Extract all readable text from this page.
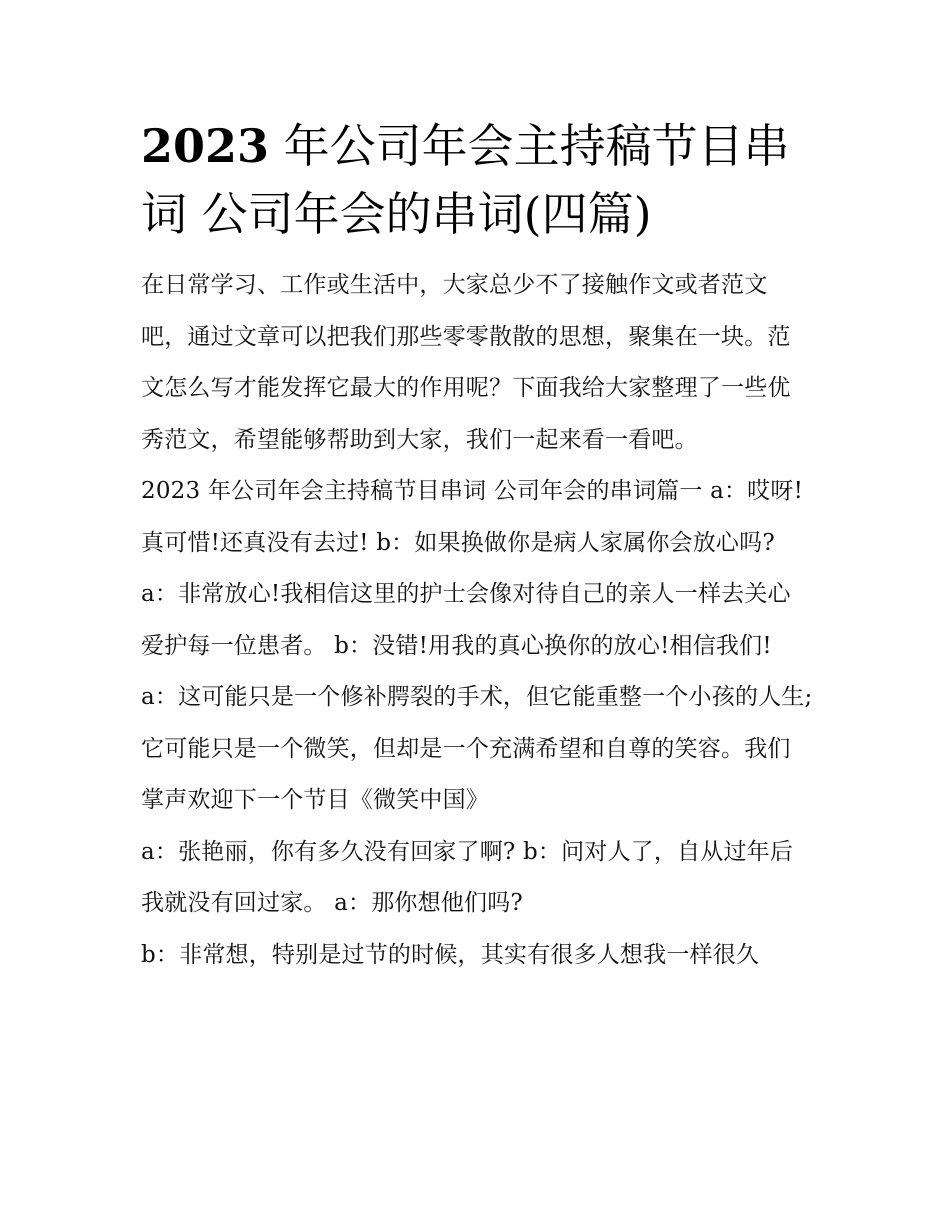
2023 年公司年会主持稿节目串词 公司年会的串词(四篇)

在日常学习、工作或生活中，大家总少不了接触作文或者范文吧，通过文章可以把我们那些零零散散的思想，聚集在一块。范文怎么写才能发挥它最大的作用呢？下面我给大家整理了一些优秀范文，希望能够帮助到大家，我们一起来看一看吧。

2023 年公司年会主持稿节目串词 公司年会的串词篇一 a：哎呀!真可惜!还真没有去过! b：如果换做你是病人家属你会放心吗?

a：非常放心!我相信这里的护士会像对待自己的亲人一样去关心爱护每一位患者。 b：没错!用我的真心换你的放心!相信我们!

a：这可能只是一个修补腭裂的手术，但它能重整一个小孩的人生;它可能只是一个微笑，但却是一个充满希望和自尊的笑容。我们掌声欢迎下一个节目《微笑中国》

a：张艳丽，你有多久没有回家了啊? b：问对人了，自从过年后我就没有回过家。 a：那你想他们吗?

b：非常想，特别是过节的时候，其实有很多人想我一样很久
